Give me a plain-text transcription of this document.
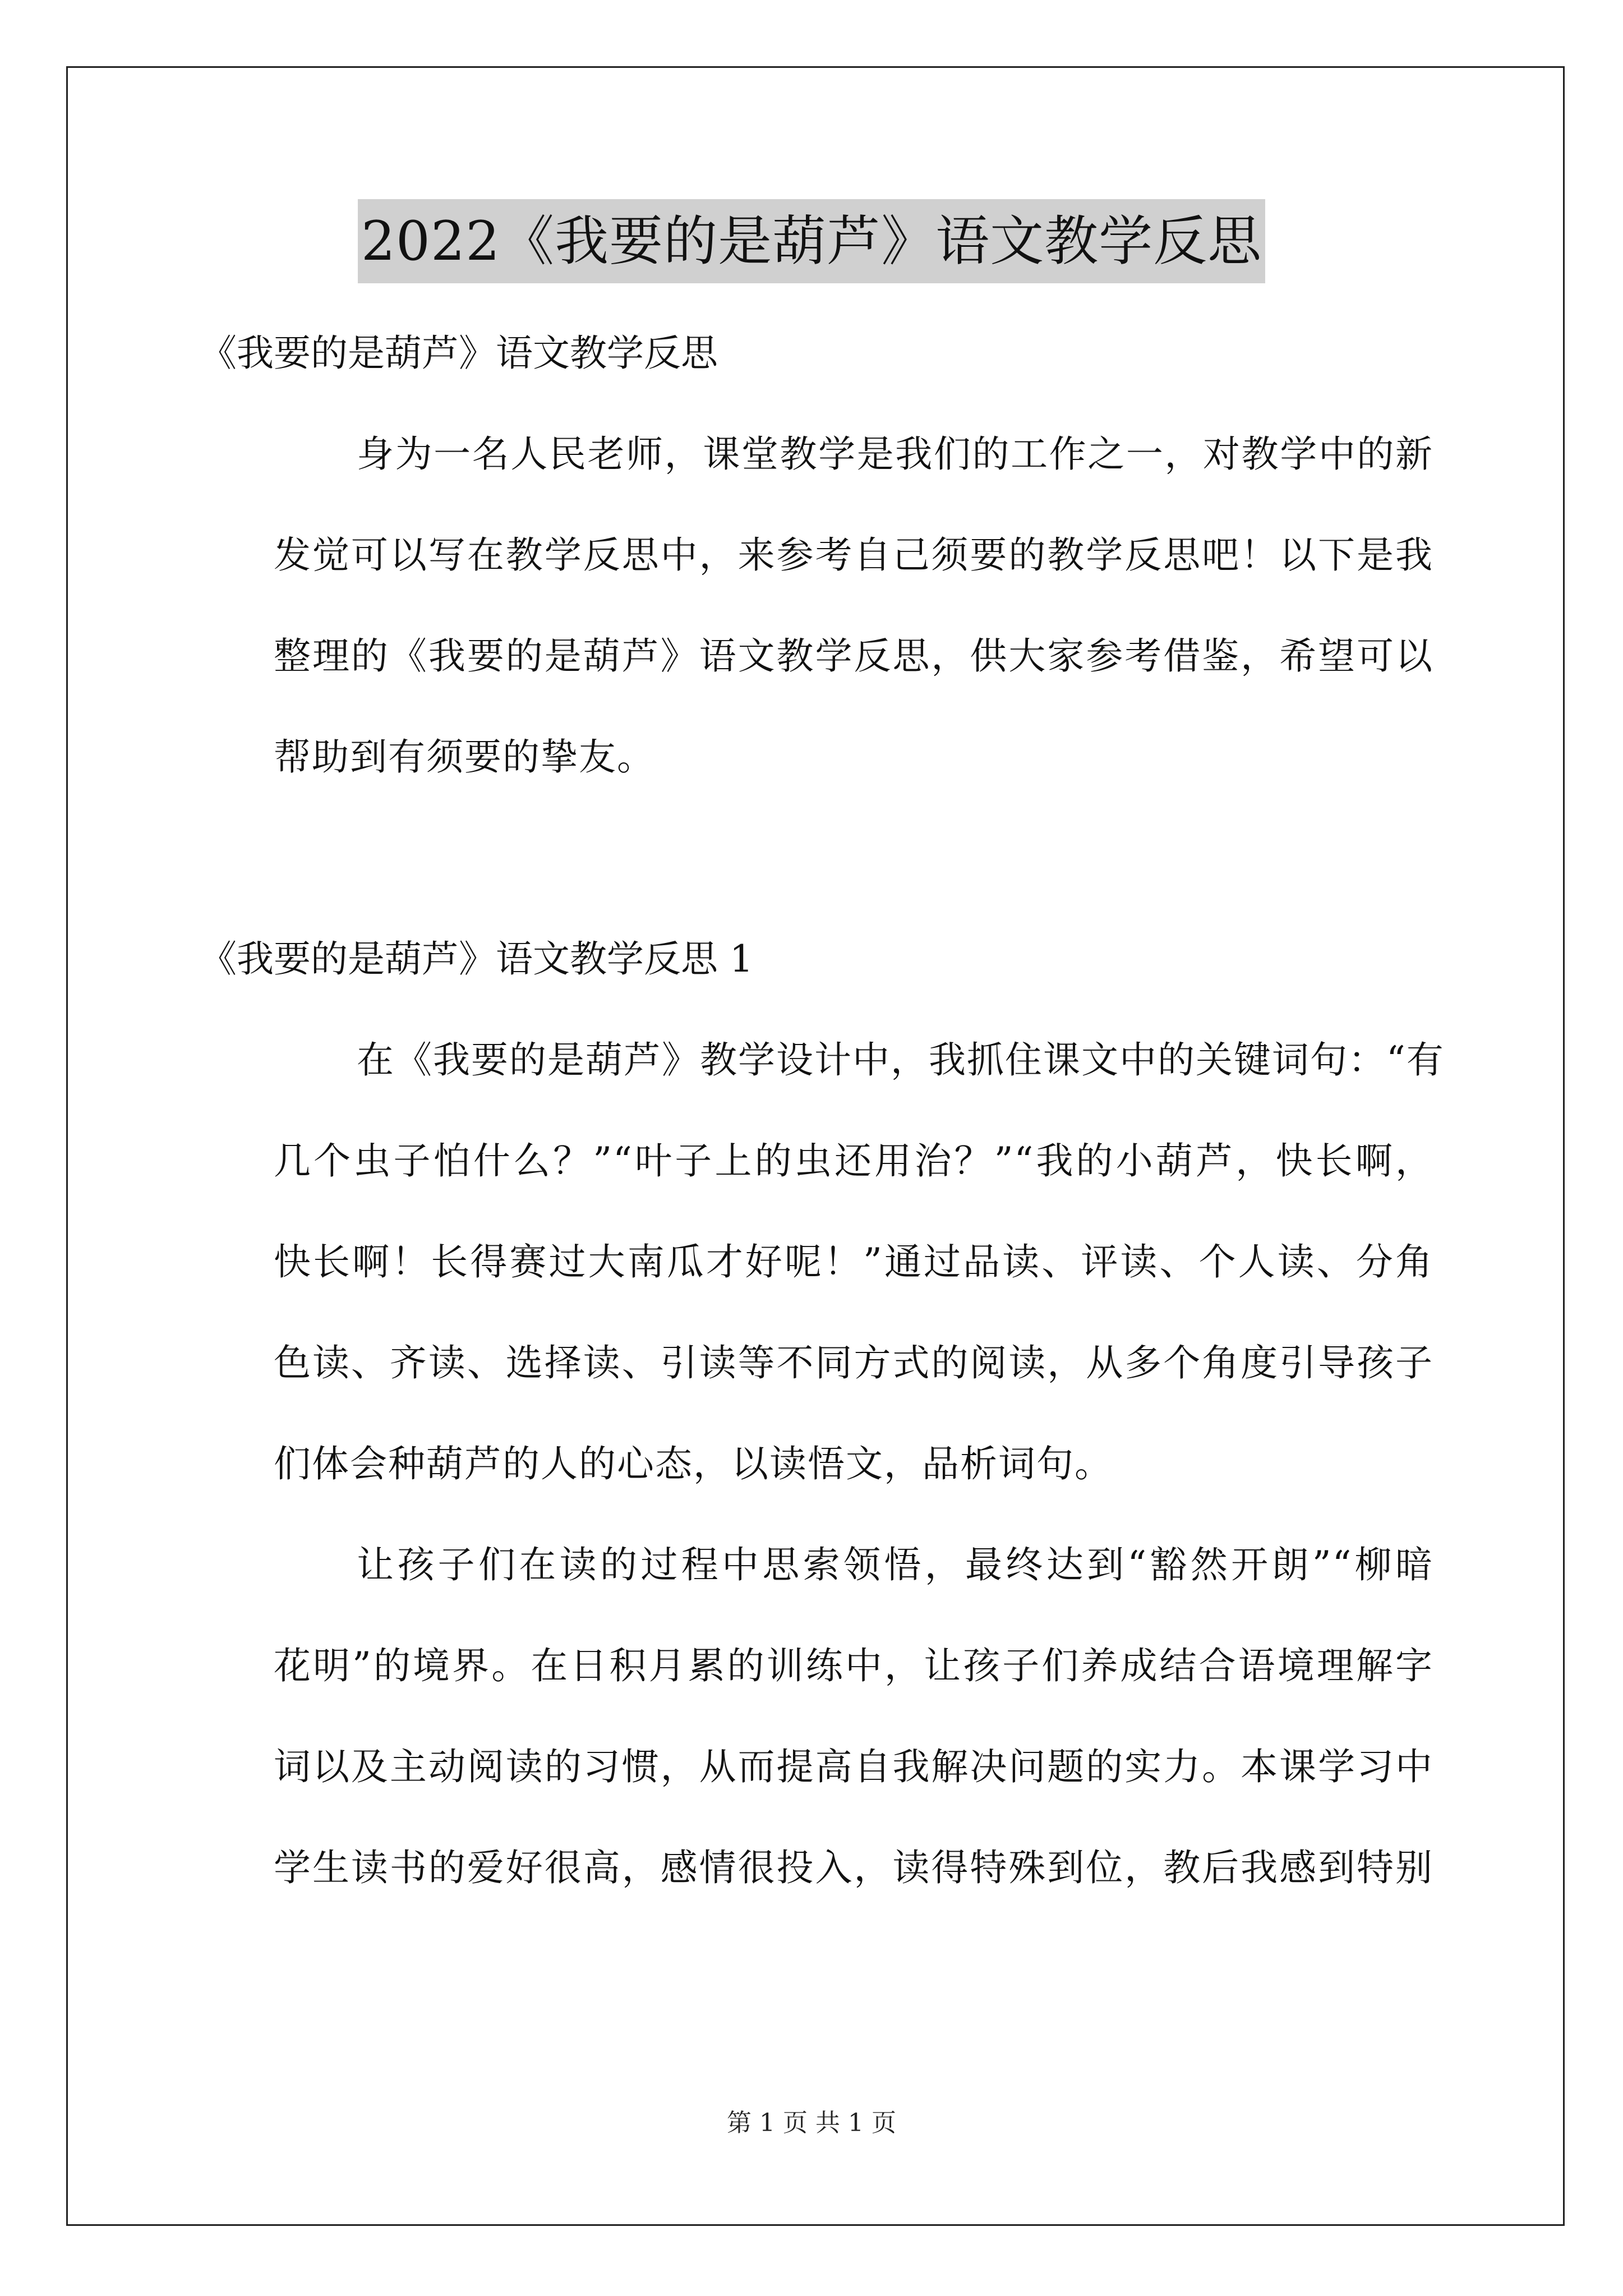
2022《我要的是葫芦》语文教学反思

《我要的是葫芦》语文教学反思

身为一名人民老师，课堂教学是我们的工作之一，对教学中的新
发觉可以写在教学反思中，来参考自己须要的教学反思吧！以下是我
整理的《我要的是葫芦》语文教学反思，供大家参考借鉴，希望可以
帮助到有须要的挚友。

《我要的是葫芦》语文教学反思 1

在《我要的是葫芦》教学设计中，我抓住课文中的关键词句：“有
几个虫子怕什么？”“叶子上的虫还用治？”“我的小葫芦，快长啊，
快长啊！长得赛过大南瓜才好呢！”通过品读、评读、个人读、分角
色读、齐读、选择读、引读等不同方式的阅读，从多个角度引导孩子
们体会种葫芦的人的心态，以读悟文，品析词句。
让孩子们在读的过程中思索领悟，最终达到“豁然开朗”“柳暗
花明”的境界。在日积月累的训练中，让孩子们养成结合语境理解字
词以及主动阅读的习惯，从而提高自我解决问题的实力。本课学习中
学生读书的爱好很高，感情很投入，读得特殊到位，教后我感到特别
第 1 页 共 1 页
